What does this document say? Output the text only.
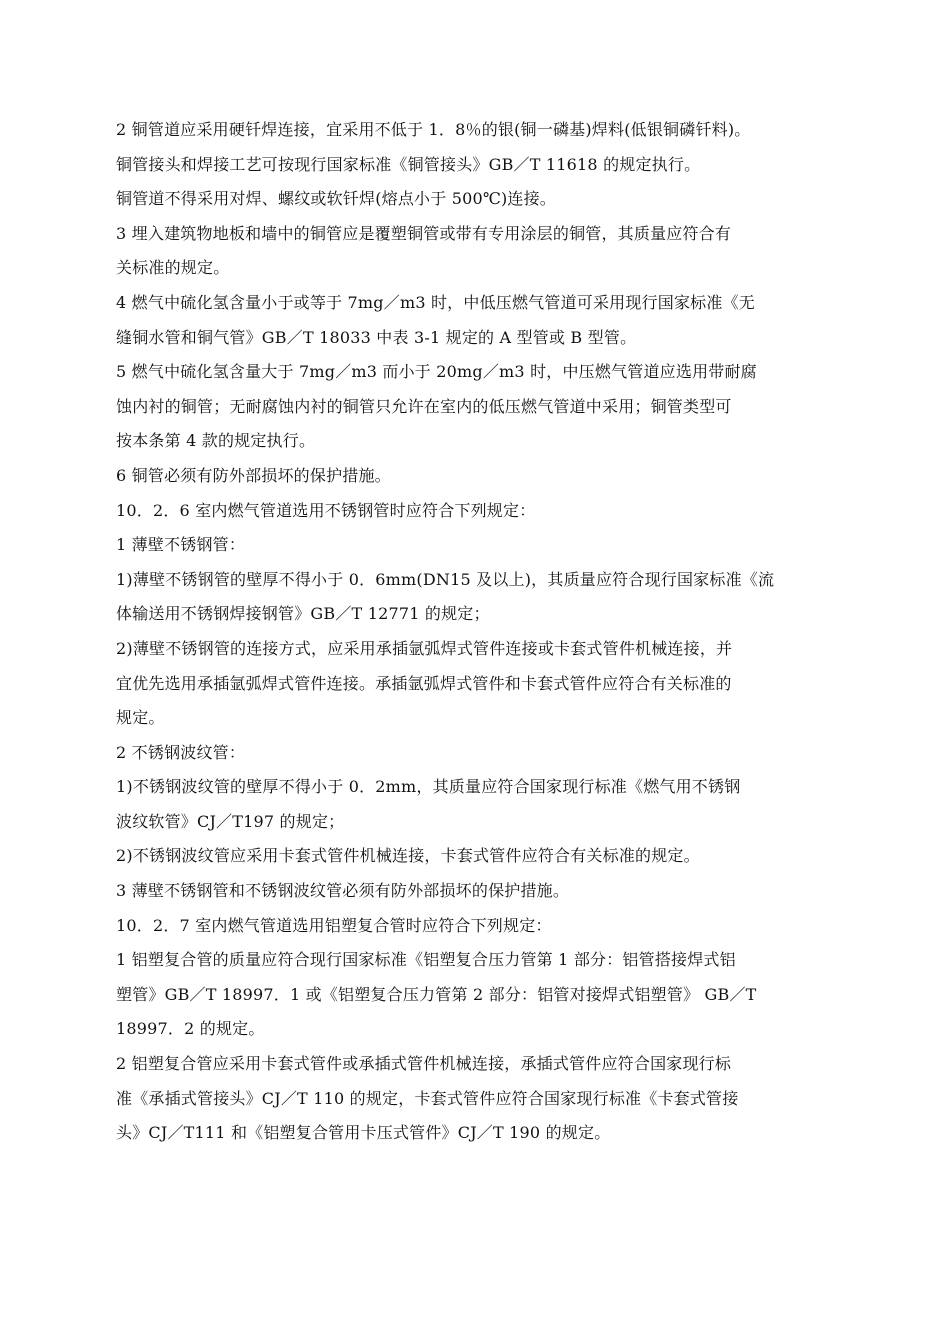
2 铜管道应采用硬钎焊连接，宜采用不低于 1．8％的银(铜一磷基)焊料(低银铜磷钎料)。
铜管接头和焊接工艺可按现行国家标准《铜管接头》GB／T 11618 的规定执行。
铜管道不得采用对焊、螺纹或软钎焊(熔点小于 500℃)连接。
3 埋入建筑物地板和墙中的铜管应是覆塑铜管或带有专用涂层的铜管，其质量应符合有
关标准的规定。
4 燃气中硫化氢含量小于或等于 7mg／m3 时，中低压燃气管道可采用现行国家标准《无
缝铜水管和铜气管》GB／T 18033 中表 3-1 规定的 A 型管或 B 型管。
5 燃气中硫化氢含量大于 7mg／m3 而小于 20mg／m3 时，中压燃气管道应选用带耐腐
蚀内衬的铜管；无耐腐蚀内衬的铜管只允许在室内的低压燃气管道中采用；铜管类型可
按本条第 4 款的规定执行。
6 铜管必须有防外部损坏的保护措施。
10．2．6 室内燃气管道选用不锈钢管时应符合下列规定：
1 薄壁不锈钢管：
1)薄壁不锈钢管的壁厚不得小于 0．6mm(DN15 及以上)，其质量应符合现行国家标准《流
体输送用不锈钢焊接钢管》GB／T 12771 的规定；
2)薄壁不锈钢管的连接方式，应采用承插氩弧焊式管件连接或卡套式管件机械连接，并
宜优先选用承插氩弧焊式管件连接。承插氩弧焊式管件和卡套式管件应符合有关标准的
规定。
2 不锈钢波纹管：
1)不锈钢波纹管的壁厚不得小于 0．2mm，其质量应符合国家现行标准《燃气用不锈钢
波纹软管》CJ／T197 的规定；
2)不锈钢波纹管应采用卡套式管件机械连接，卡套式管件应符合有关标准的规定。
3 薄壁不锈钢管和不锈钢波纹管必须有防外部损坏的保护措施。
10．2．7 室内燃气管道选用铝塑复合管时应符合下列规定：
1 铝塑复合管的质量应符合现行国家标准《铝塑复合压力管第 1 部分：铝管搭接焊式铝
塑管》GB／T 18997．1 或《铝塑复合压力管第 2 部分：铝管对接焊式铝塑管》 GB／T
18997．2 的规定。
2 铝塑复合管应采用卡套式管件或承插式管件机械连接，承插式管件应符合国家现行标
准《承插式管接头》CJ／T 110 的规定，卡套式管件应符合国家现行标准《卡套式管接
头》CJ／T111 和《铝塑复合管用卡压式管件》CJ／T 190 的规定。
